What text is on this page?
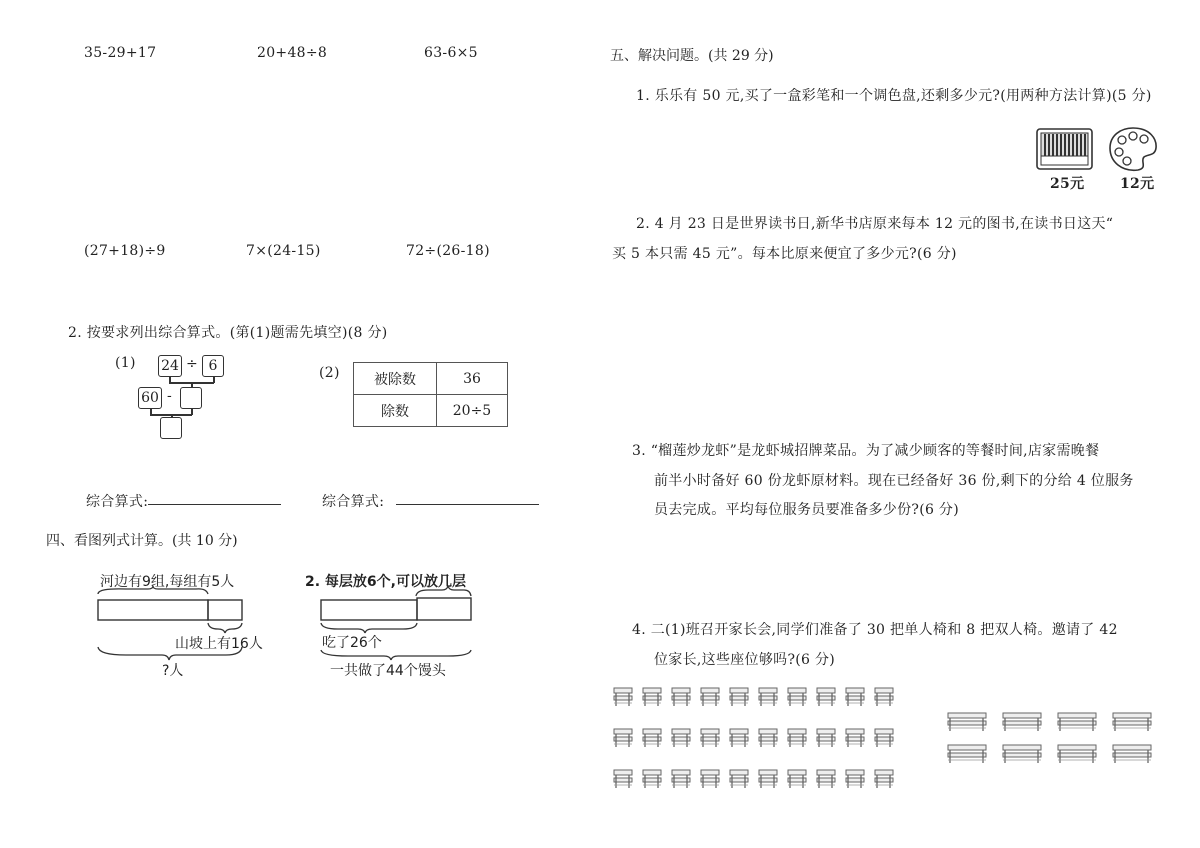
35-29+17	20+48÷8	63-6×5
(27+18)÷9	7×(24-15)	72÷(26-18)
2. 按要求列出综合算式。(第(1)题需先填空)(8 分)
(1) 24 ÷ 6
60 -
(2) 被除数	36
除数	20÷5
综合算式:	综合算式:
四、看图列式计算。(共 10 分)
河边有9组,每组有5人
山坡上有16人
?人
2. 每层放6个,可以放几层
吃了26个
一共做了44个馒头
五、解决问题。(共 29 分)
1. 乐乐有 50 元,买了一盒彩笔和一个调色盘,还剩多少元?(用两种方法计算)(5 分)
25元	12元
2. 4 月 23 日是世界读书日,新华书店原来每本 12 元的图书,在读书日这天“
买 5 本只需 45 元”。每本比原来便宜了多少元?(6 分)
3. “榴莲炒龙虾”是龙虾城招牌菜品。为了减少顾客的等餐时间,店家需晚餐
前半小时备好 60 份龙虾原材料。现在已经备好 36 份,剩下的分给 4 位服务
员去完成。平均每位服务员要准备多少份?(6 分)
4. 二(1)班召开家长会,同学们准备了 30 把单人椅和 8 把双人椅。邀请了 42
位家长,这些座位够吗?(6 分)
